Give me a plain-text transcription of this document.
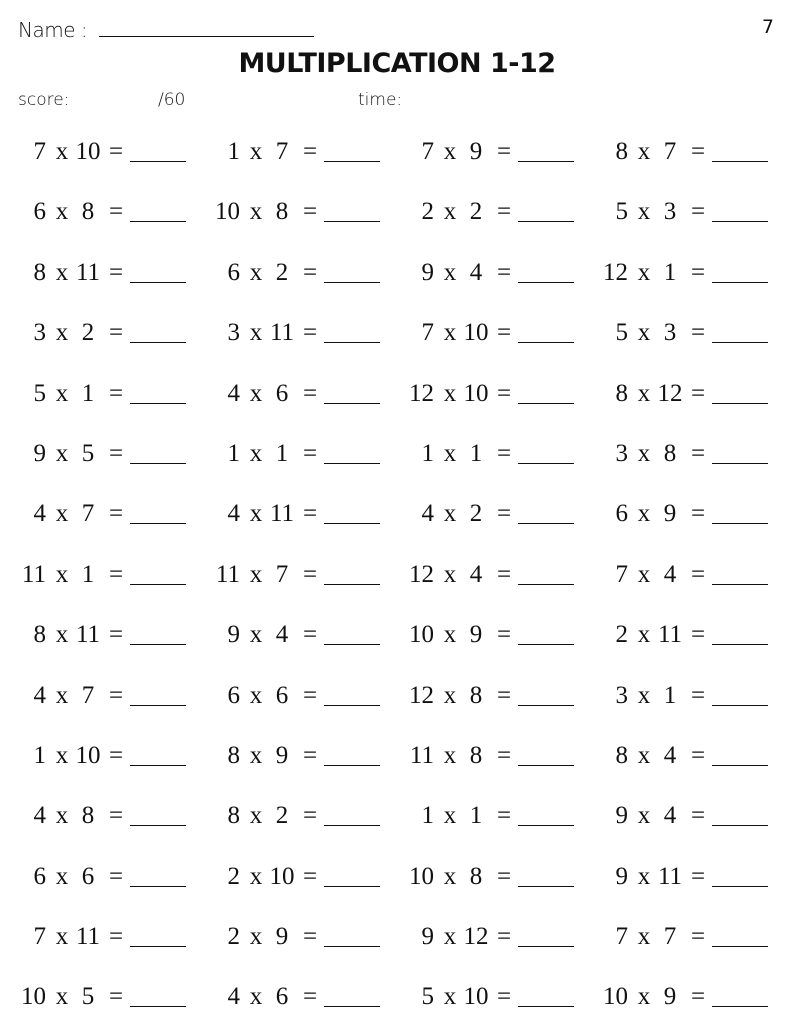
Name :	7
MULTIPLICATION 1-12
score:	/60	time:
7 x 10 =	1 x 7 =	7 x 9 =	8 x 7 =
6 x 8 =	10 x 8 =	2 x 2 =	5 x 3 =
8 x 11 =	6 x 2 =	9 x 4 =	12 x 1 =
3 x 2 =	3 x 11 =	7 x 10 =	5 x 3 =
5 x 1 =	4 x 6 =	12 x 10 =	8 x 12 =
9 x 5 =	1 x 1 =	1 x 1 =	3 x 8 =
4 x 7 =	4 x 11 =	4 x 2 =	6 x 9 =
11 x 1 =	11 x 7 =	12 x 4 =	7 x 4 =
8 x 11 =	9 x 4 =	10 x 9 =	2 x 11 =
4 x 7 =	6 x 6 =	12 x 8 =	3 x 1 =
1 x 10 =	8 x 9 =	11 x 8 =	8 x 4 =
4 x 8 =	8 x 2 =	1 x 1 =	9 x 4 =
6 x 6 =	2 x 10 =	10 x 8 =	9 x 11 =
7 x 11 =	2 x 9 =	9 x 12 =	7 x 7 =
10 x 5 =	4 x 6 =	5 x 10 =	10 x 9 =
